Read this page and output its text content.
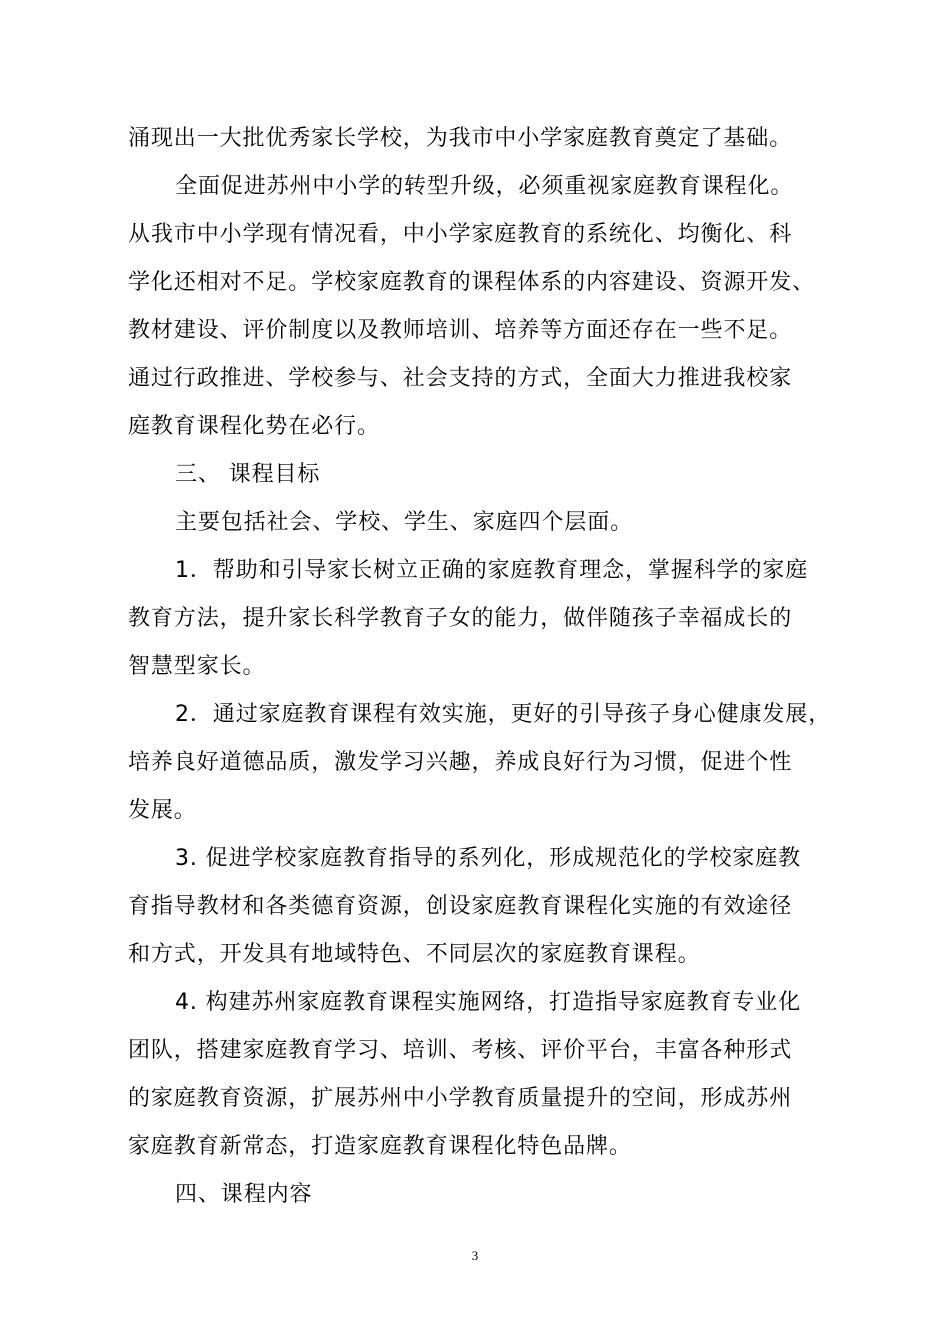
涌现出一大批优秀家长学校，为我市中小学家庭教育奠定了基础。
全面促进苏州中小学的转型升级，必须重视家庭教育课程化。
从我市中小学现有情况看，中小学家庭教育的系统化、均衡化、科
学化还相对不足。学校家庭教育的课程体系的内容建设、资源开发、
教材建设、评价制度以及教师培训、培养等方面还存在一些不足。
通过行政推进、学校参与、社会支持的方式，全面大力推进我校家
庭教育课程化势在必行。
三、 课程目标
主要包括社会、学校、学生、家庭四个层面。
1．帮助和引导家长树立正确的家庭教育理念，掌握科学的家庭
教育方法，提升家长科学教育子女的能力，做伴随孩子幸福成长的
智慧型家长。
2．通过家庭教育课程有效实施，更好的引导孩子身心健康发展，
培养良好道德品质，激发学习兴趣，养成良好行为习惯，促进个性
发展。
3. 促进学校家庭教育指导的系列化，形成规范化的学校家庭教
育指导教材和各类德育资源，创设家庭教育课程化实施的有效途径
和方式，开发具有地域特色、不同层次的家庭教育课程。
4. 构建苏州家庭教育课程实施网络，打造指导家庭教育专业化
团队，搭建家庭教育学习、培训、考核、评价平台，丰富各种形式
的家庭教育资源，扩展苏州中小学教育质量提升的空间，形成苏州
家庭教育新常态，打造家庭教育课程化特色品牌。
四、课程内容
3
